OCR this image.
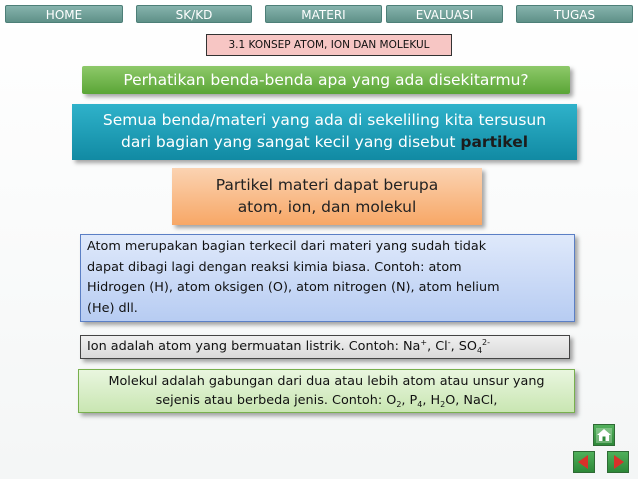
HOME	SK/KD	MATERI	EVALUASI	TUGAS
3.1 KONSEP ATOM, ION DAN MOLEKUL
Perhatikan benda-benda apa yang ada disekitarmu?
Semua benda/materi yang ada di sekeliling kita tersusun
dari bagian yang sangat kecil yang disebut partikel
Partikel materi dapat berupa
atom, ion, dan molekul
Atom merupakan bagian terkecil dari materi yang sudah tidak
dapat dibagi lagi dengan reaksi kimia biasa. Contoh: atom
Hidrogen (H), atom oksigen (O), atom nitrogen (N), atom helium
(He) dll.
Ion adalah atom yang bermuatan listrik. Contoh: Na+, Cl-, $SO_4^{2-}$
Molekul adalah gabungan dari dua atau lebih atom atau unsur yang
sejenis atau berbeda jenis. Contoh: $O_2$, $P_4$, $H_2O$, NaCl,
